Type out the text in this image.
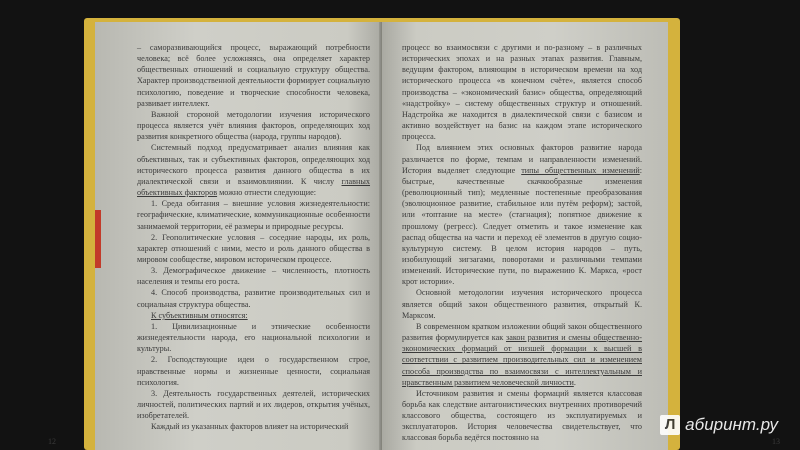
– саморазвивающийся процесс, выражающий потребности человека; всё более усложняясь, она определяет характер общественных отношений и социальную структуру общества. Характер производственной деятельности формирует социальную психологию, поведение и творческие способности человека, развивает интеллект.

Важной стороной методологии изучения исторического процесса является учёт влияния факторов, определяющих ход развития конкретного общества (народа, группы народов).

Системный подход предусматривает анализ влияния как объективных, так и субъективных факторов, определяющих ход исторического процесса развития данного общества в их диалектической связи и взаимовлиянии. К числу главных объективных факторов можно отнести следующие:

1. Среда обитания – внешние условия жизнедеятельности: географические, климатические, коммуникационные особенности занимаемой территории, её размеры и природные ресурсы.

2. Геополитические условия – соседние народы, их роль, характер отношений с ними, место и роль данного общества в мировом сообществе, мировом историческом процессе.

3. Демографическое движение – численность, плотность населения и темпы его роста.

4. Способ производства, развитие производительных сил и социальная структура общества.

К субъективным относятся:

1. Цивилизационные и этнические особенности жизнедеятельности народа, его национальной психологии и культуры.

2. Господствующие идеи о государственном строе, нравственные нормы и жизненные ценности, социальная психология.

3. Деятельность государственных деятелей, исторических личностей, политических партий и их лидеров, открытия учёных, изобретателей.

Каждый из указанных факторов влияет на исторический

процесс во взаимосвязи с другими и по-разному – в различных исторических эпохах и на разных этапах развития. Главным, ведущим фактором, влияющим в историческом времени на ход исторического процесса «в конечном счёте», является способ производства – «экономический базис» общества, определяющий «надстройку» – систему общественных структур и отношений. Надстройка же находится в диалектической связи с базисом и активно воздействует на базис на каждом этапе исторического процесса.

Под влиянием этих основных факторов развитие народа различается по форме, темпам и направленности изменений. История выделяет следующие типы общественных изменений: быстрые, качественные скачкообразные изменения (революционный тип); медленные постепенные преобразования (эволюционное развитие, стабильное или путём реформ); застой, или «топтание на месте» (стагнация); попятное движение к прошлому (регресс). Следует отметить и такое изменение как распад общества на части и переход её элементов в другую социо-культурную систему. В целом история народов – путь, изобилующий зигзагами, поворотами и различными темпами изменений. Исторические пути, по выражению К. Маркса, «рост крот истории».

Основной методологии изучения исторического процесса является общий закон общественного развития, открытый К. Марксом.

В современном кратком изложении общий закон общественного развития формулируется как закон развития и смены общественно-экономических формаций от низшей формации к высшей в соответствии с развитием производительных сил и изменением способа производства по взаимосвязи с интеллектуальным и нравственным развитием человеческой личности.

Источником развития и смены формаций является классовая борьба как следствие антагонистических внутренних противоречий классового общества, состоящего из эксплуатируемых и эксплуататоров. История человечества свидетельствует, что классовая борьба ведётся постоянно на

12	13
Л абиринт.ру
